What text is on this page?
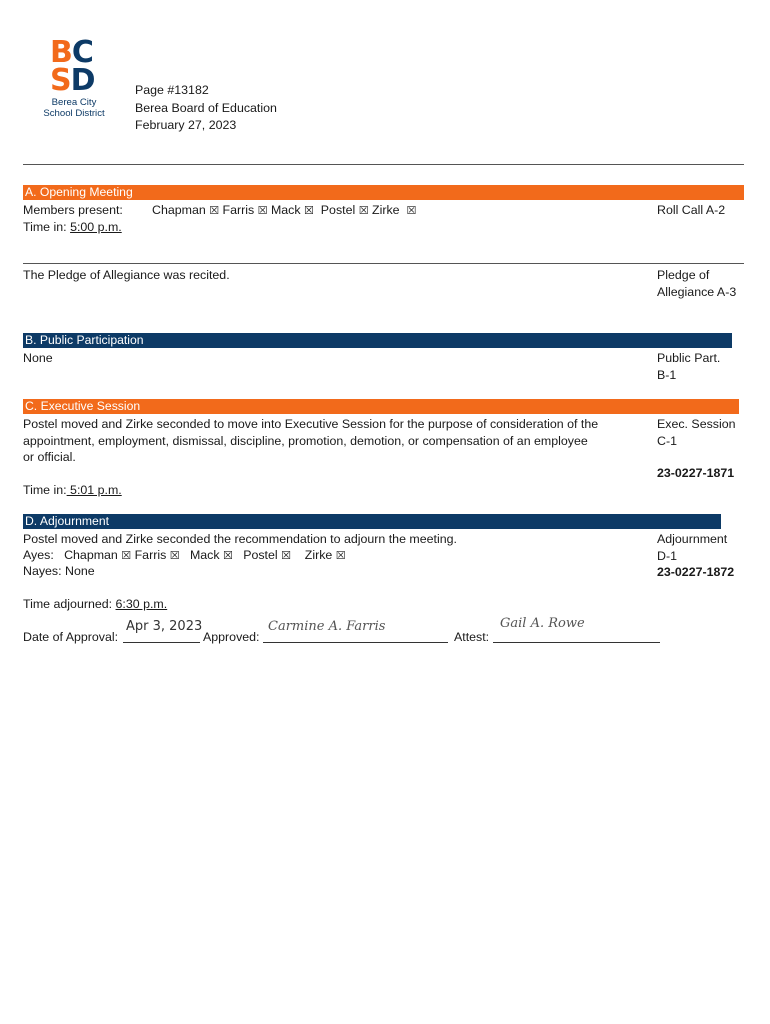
BC
SD
Berea City
School District
Page #13182
Berea Board of Education
February 27, 2023
A. Opening Meeting
Members present: Chapman ☒ Farris ☒ Mack ☒ Postel ☒ Zirke ☒	Roll Call A-2
Time in: 5:00 p.m.
The Pledge of Allegiance was recited.	Pledge of
Allegiance A-3
B. Public Participation
None	Public Part.
B-1
C. Executive Session
Postel moved and Zirke seconded to move into Executive Session for the purpose of consideration of the
appointment, employment, dismissal, discipline, promotion, demotion, or compensation of an employee
or official.
Exec. Session
C-1
23-0227-1871
Time in: 5:01 p.m.
D. Adjournment
Postel moved and Zirke seconded the recommendation to adjourn the meeting.
Ayes: Chapman ☒ Farris ☒ Mack ☒ Postel ☒ Zirke ☒
Nayes: None
Adjournment
D-1
23-0227-1872
Time adjourned: 6:30 p.m.
Date of Approval:
Apr 3, 2023
Approved:
Carmine A. Farris
Attest:
Gail A. Rowe
